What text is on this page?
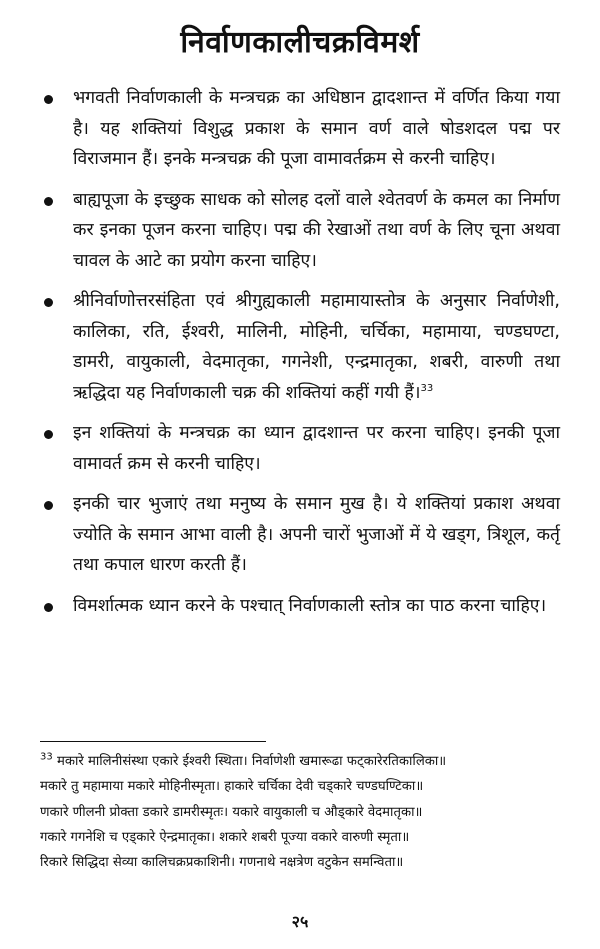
निर्वाणकालीचक्रविमर्श
भगवती निर्वाणकाली के मन्त्रचक्र का अधिष्ठान द्वादशान्त में वर्णित किया गया है। यह शक्तियां विशुद्ध प्रकाश के समान वर्ण वाले षोडशदल पद्म पर विराजमान हैं। इनके मन्त्रचक्र की पूजा वामावर्तक्रम से करनी चाहिए।
बाह्यपूजा के इच्छुक साधक को सोलह दलों वाले श्वेतवर्ण के कमल का निर्माण कर इनका पूजन करना चाहिए। पद्म की रेखाओं तथा वर्ण के लिए चूना अथवा चावल के आटे का प्रयोग करना चाहिए।
श्रीनिर्वाणोत्तरसंहिता एवं श्रीगुह्यकाली महामायास्तोत्र के अनुसार निर्वाणेशी, कालिका, रति, ईश्वरी, मालिनी, मोहिनी, चर्चिका, महामाया, चण्डघण्टा, डामरी, वायुकाली, वेदमातृका, गगनेशी, एन्द्रमातृका, शबरी, वारुणी तथा ऋद्धिदा यह निर्वाणकाली चक्र की शक्तियां कहीं गयी हैं।$^{33}$
इन शक्तियां के मन्त्रचक्र का ध्यान द्वादशान्त पर करना चाहिए। इनकी पूजा वामावर्त क्रम से करनी चाहिए।
इनकी चार भुजाएं तथा मनुष्य के समान मुख है। ये शक्तियां प्रकाश अथवा ज्योति के समान आभा वाली है। अपनी चारों भुजाओं में ये खड्ग, त्रिशूल, कर्तृ तथा कपाल धारण करती हैं।
विमर्शात्मक ध्यान करने के पश्चात् निर्वाणकाली स्तोत्र का पाठ करना चाहिए।
$^{33}$ मकारे मालिनीसंस्था एकारे ईश्वरी स्थिता। निर्वाणेशी खमारूढा फट्कारेरतिकालिका॥
मकारे तु महामाया मकारे मोहिनीस्मृता। हाकारे चर्चिका देवी चड्कारे चण्डघण्टिका॥
णकारे णीलनी प्रोक्ता डकारे डामरीस्मृतः। यकारे वायुकाली च औड्कारे वेदमातृका॥
गकारे गगनेशि च एड्कारे ऐन्द्रमातृका। शकारे शबरी पूज्या वकारे वारुणी स्मृता॥
रिकारे सिद्धिदा सेव्या कालिचक्रप्रकाशिनी। गणनाथे नक्षत्रेण वटुकेन समन्विता॥
२५
